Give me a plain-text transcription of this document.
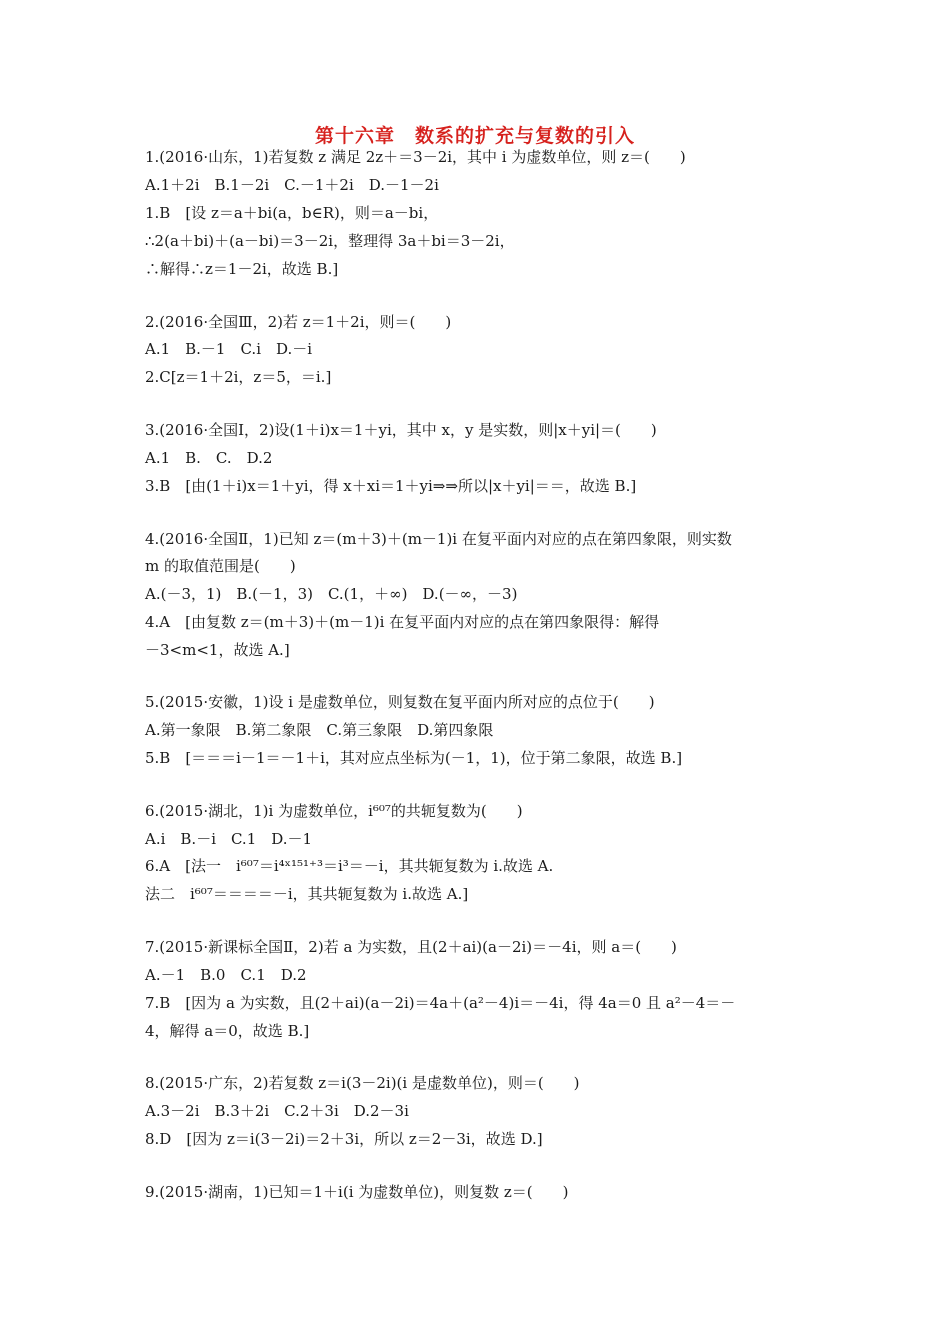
第十六章　数系的扩充与复数的引入
1.(2016·山东，1)若复数 z 满足 2z＋＝3－2i，其中 i 为虚数单位，则 z＝(　　)
A.1＋2i　B.1－2i　C.－1＋2i　D.－1－2i
1.B　[设 z＝a＋bi(a，b∈R)，则＝a－bi，
∴2(a＋bi)＋(a－bi)＝3－2i，整理得 3a＋bi＝3－2i，
∴解得∴z＝1－2i，故选 B.]
2.(2016·全国Ⅲ，2)若 z＝1＋2i，则＝(　　)
A.1　B.－1　C.i　D.－i
2.C[z＝1＋2i，z＝5，＝i.]
3.(2016·全国Ⅰ，2)设(1＋i)x＝1＋yi，其中 x，y 是实数，则|x＋yi|＝(　　)
A.1　B.　C.　D.2
3.B　[由(1＋i)x＝1＋yi，得 x＋xi＝1＋yi⇒⇒所以|x＋yi|＝＝，故选 B.]
4.(2016·全国Ⅱ，1)已知 z＝(m＋3)＋(m－1)i 在复平面内对应的点在第四象限，则实数
m 的取值范围是(　　)
A.(－3，1)　B.(－1，3)　C.(1，＋∞)　D.(－∞，－3)
4.A　[由复数 z＝(m＋3)＋(m－1)i 在复平面内对应的点在第四象限得：解得
－3<m<1，故选 A.]
5.(2015·安徽，1)设 i 是虚数单位，则复数在复平面内所对应的点位于(　　)
A.第一象限　B.第二象限　C.第三象限　D.第四象限
5.B　[＝＝＝i－1＝－1＋i，其对应点坐标为(－1，1)，位于第二象限，故选 B.]
6.(2015·湖北，1)i 为虚数单位，i⁶⁰⁷的共轭复数为(　　)
A.i　B.－i　C.1　D.－1
6.A　[法一　i⁶⁰⁷＝i⁴ˣ¹⁵¹⁺³＝i³＝－i，其共轭复数为 i.故选 A.
法二　i⁶⁰⁷＝＝＝＝－i，其共轭复数为 i.故选 A.]
7.(2015·新课标全国Ⅱ，2)若 a 为实数，且(2＋ai)(a－2i)＝－4i，则 a＝(　　)
A.－1　B.0　C.1　D.2
7.B　[因为 a 为实数，且(2＋ai)(a－2i)＝4a＋(a²－4)i＝－4i，得 4a＝0 且 a²－4＝－
4，解得 a＝0，故选 B.]
8.(2015·广东，2)若复数 z＝i(3－2i)(i 是虚数单位)，则＝(　　)
A.3－2i　B.3＋2i　C.2＋3i　D.2－3i
8.D　[因为 z＝i(3－2i)＝2＋3i，所以 z＝2－3i，故选 D.]
9.(2015·湖南，1)已知＝1＋i(i 为虚数单位)，则复数 z＝(　　)
